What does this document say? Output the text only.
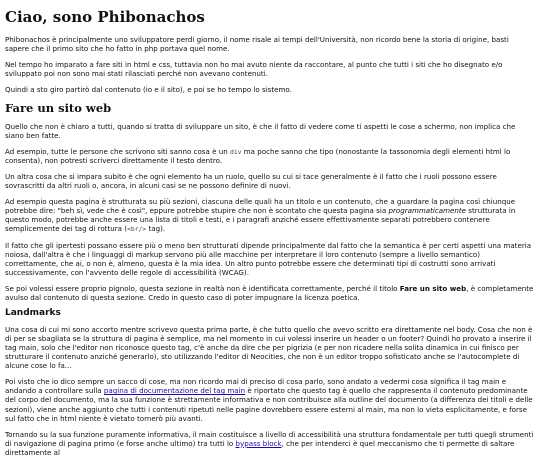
Ciao, sono Phibonachos

Phibonachos è principalmente uno sviluppatore perdi giorno, il nome risale ai tempi dell'Università, non ricordo bene la storia di origine, basti sapere che il primo sito che ho fatto in php portava quel nome.

Nel tempo ho imparato a fare siti in html e css, tuttavia non ho mai avuto niente da raccontare, al punto che tutti i siti che ho disegnato e/o sviluppato poi non sono mai stati rilasciati perché non avevano contenuti.

Quindi a sto giro partirò dal contenuto (io e il sito), e poi se ho tempo lo sistemo.

Fare un sito web

Quello che non è chiaro a tutti, quando si tratta di sviluppare un sito, è che il fatto di vedere come ti aspetti le cose a schermo, non implica che siano ben fatte.

Ad esempio, tutte le persone che scrivono siti sanno cosa è un div ma poche sanno che tipo (nonostante la tassonomia degli elementi html lo consenta), non potresti scriverci direttamente il testo dentro.

Un altra cosa che si impara subito è che ogni elemento ha un ruolo, quello su cui si tace generalmente è il fatto che i ruoli possono essere sovrascritti da altri ruoli o, ancora, in alcuni casi se ne possono definire di nuovi.

Ad esempio questa pagina è strutturata su più sezioni, ciascuna delle quali ha un titolo e un contenuto, che a guardare la pagina così chiunque potrebbe dire: "beh sì, vede che è così", eppure potrebbe stupire che non è scontato che questa pagina sia programmaticamente strutturata in questo modo, potrebbe anche essere una lista di titoli e testi, e i paragrafi anziché essere effettivamente separati potrebbero contenere semplicemente dei tag di rottura (<br/> tag).

Il fatto che gli ipertesti possano essere più o meno ben strutturati dipende principalmente dal fatto che la semantica è per certi aspetti una materia noiosa, dall'altra è che i linguaggi di markup servono più alle macchine per interpretare il loro contenuto (sempre a livello semantico) correttamente, che ai, o non è, almeno, questa è la mia idea. Un altro punto potrebbe essere che determinati tipi di costrutti sono arrivati successivamente, con l'avvento delle regole di accessibilità (WCAG).

Se poi volessi essere proprio pignolo, questa sezione in realtà non è identificata correttamente, perché il titolo Fare un sito web, è completamente avulso dal contenuto di questa sezione. Credo in questo caso di poter impugnare la licenza poetica.

Landmarks

Una cosa di cui mi sono accorto mentre scrivevo questa prima parte, è che tutto quello che avevo scritto era direttamente nel body. Cosa che non è di per se sbagliata se la struttura di pagina è semplice, ma nel momento in cui volessi inserire un header o un footer? Quindi ho provato a inserire il tag main, solo che l'editor non riconosce questo tag, c'è anche da dire che per pigrizia (e per non ricadere nella solita dinamica in cui finisco per strutturare il contenuto anziché generarlo), sto utilizzando l'editor di Neocities, che non è un editor troppo sofisticato anche se l'autocomplete di alcune cose lo fa...

Poi visto che io dico sempre un sacco di cose, ma non ricordo mai di preciso di cosa parlo, sono andato a vedermi cosa significa il tag main e andando a controllare sulla pagina di documentazione del tag main è riportato che questo tag è quello che rappresenta il contenuto predominante del corpo del documento, ma la sua funzione è strettamente informativa e non contribuisce alla outline del documento (a differenza dei titoli e delle sezioni), viene anche aggiunto che tutti i contenuti ripetuti nelle pagine dovrebbero essere esterni al main, ma non lo vieta esplicitamente, e forse sul fatto che in html niente è vietato tornerò più avanti.

Tornando su la sua funzione puramente informativa, il main costituisce a livello di accessibilità una struttura fondamentale per tutti quegli strumenti di navigazione di pagina primo (e forse anche ultimo) tra tutti lo bypass block, che per intenderci è quel meccanismo che ti permette di saltare direttamente al
